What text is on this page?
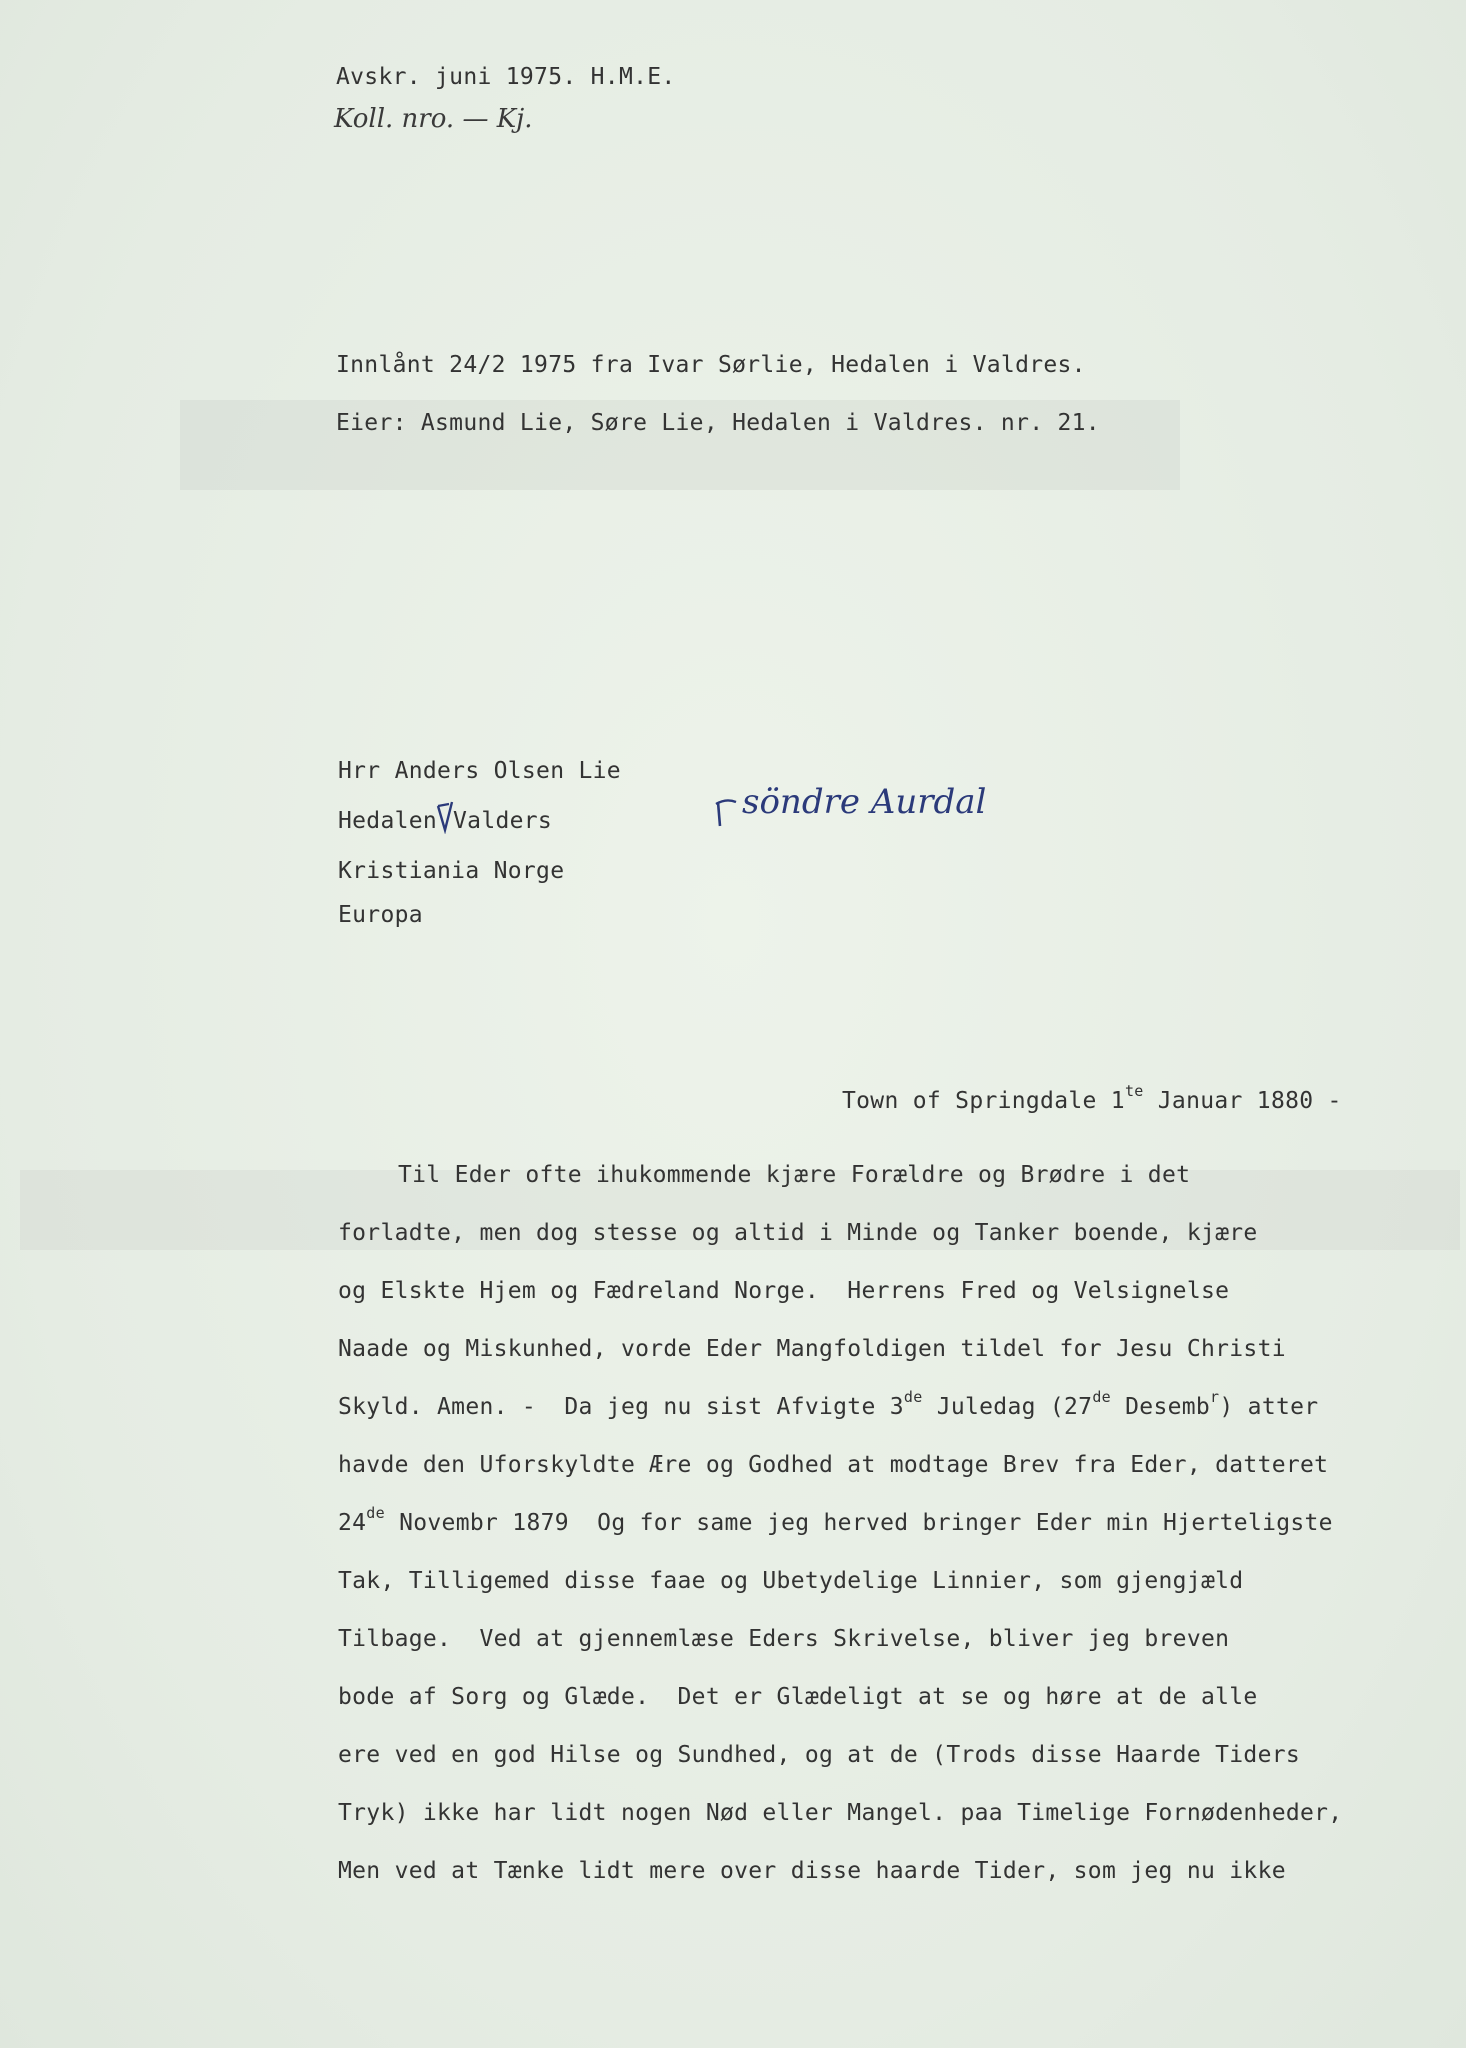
Avskr. juni 1975. H.M.E.
Koll. nro. — Kj.
Innlånt 24/2 1975 fra Ivar Sørlie, Hedalen i Valdres.
Eier: Asmund Lie, Søre Lie, Hedalen i Valdres. nr. 21.
Hrr Anders Olsen Lie
Hedalen Valders
Kristiania Norge
Europa
söndre Aurdal
Town of Springdale $1^{te}$ Januar 1880 -
Til Eder ofte ihukommende kjære Forældre og Brødre i det
forladte, men dog stesse og altid i Minde og Tanker boende, kjære
og Elskte Hjem og Fædreland Norge.  Herrens Fred og Velsignelse
Naade og Miskunhed, vorde Eder Mangfoldigen tildel for Jesu Christi
Skyld. Amen. -  Da jeg nu sist Afvigte 3de Juledag (27de Desemb$^r$) atter
havde den Uforskyldte Ære og Godhed at modtage Brev fra Eder, datteret
24de Novembr 1879  Og for same jeg herved bringer Eder min Hjerteligste
Tak, Tilligemed disse faae og Ubetydelige Linnier, som gjengjæld
Tilbage.  Ved at gjennemlæse Eders Skrivelse, bliver jeg breven
bode af Sorg og Glæde.  Det er Glædeligt at se og høre at de alle
ere ved en god Hilse og Sundhed, og at de (Trods disse Haarde Tiders
Tryk) ikke har lidt nogen Nød eller Mangel. paa Timelige Fornødenheder,
Men ved at Tænke lidt mere over disse haarde Tider, som jeg nu ikke
